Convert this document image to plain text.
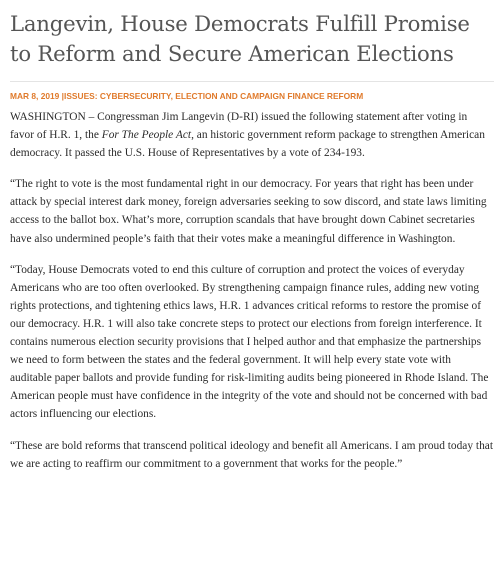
Langevin, House Democrats Fulfill Promise to Reform and Secure American Elections
MAR 8, 2019 |ISSUES: CYBERSECURITY, ELECTION AND CAMPAIGN FINANCE REFORM

WASHINGTON – Congressman Jim Langevin (D-RI) issued the following statement after voting in favor of H.R. 1, the For The People Act, an historic government reform package to strengthen American democracy. It passed the U.S. House of Representatives by a vote of 234-193.

“The right to vote is the most fundamental right in our democracy. For years that right has been under attack by special interest dark money, foreign adversaries seeking to sow discord, and state laws limiting access to the ballot box. What’s more, corruption scandals that have brought down Cabinet secretaries have also undermined people’s faith that their votes make a meaningful difference in Washington.

“Today, House Democrats voted to end this culture of corruption and protect the voices of everyday Americans who are too often overlooked. By strengthening campaign finance rules, adding new voting rights protections, and tightening ethics laws, H.R. 1 advances critical reforms to restore the promise of our democracy. H.R. 1 will also take concrete steps to protect our elections from foreign interference. It contains numerous election security provisions that I helped author and that emphasize the partnerships we need to form between the states and the federal government. It will help every state vote with auditable paper ballots and provide funding for risk-limiting audits being pioneered in Rhode Island. The American people must have confidence in the integrity of the vote and should not be concerned with bad actors influencing our elections.

“These are bold reforms that transcend political ideology and benefit all Americans. I am proud today that we are acting to reaffirm our commitment to a government that works for the people.”
